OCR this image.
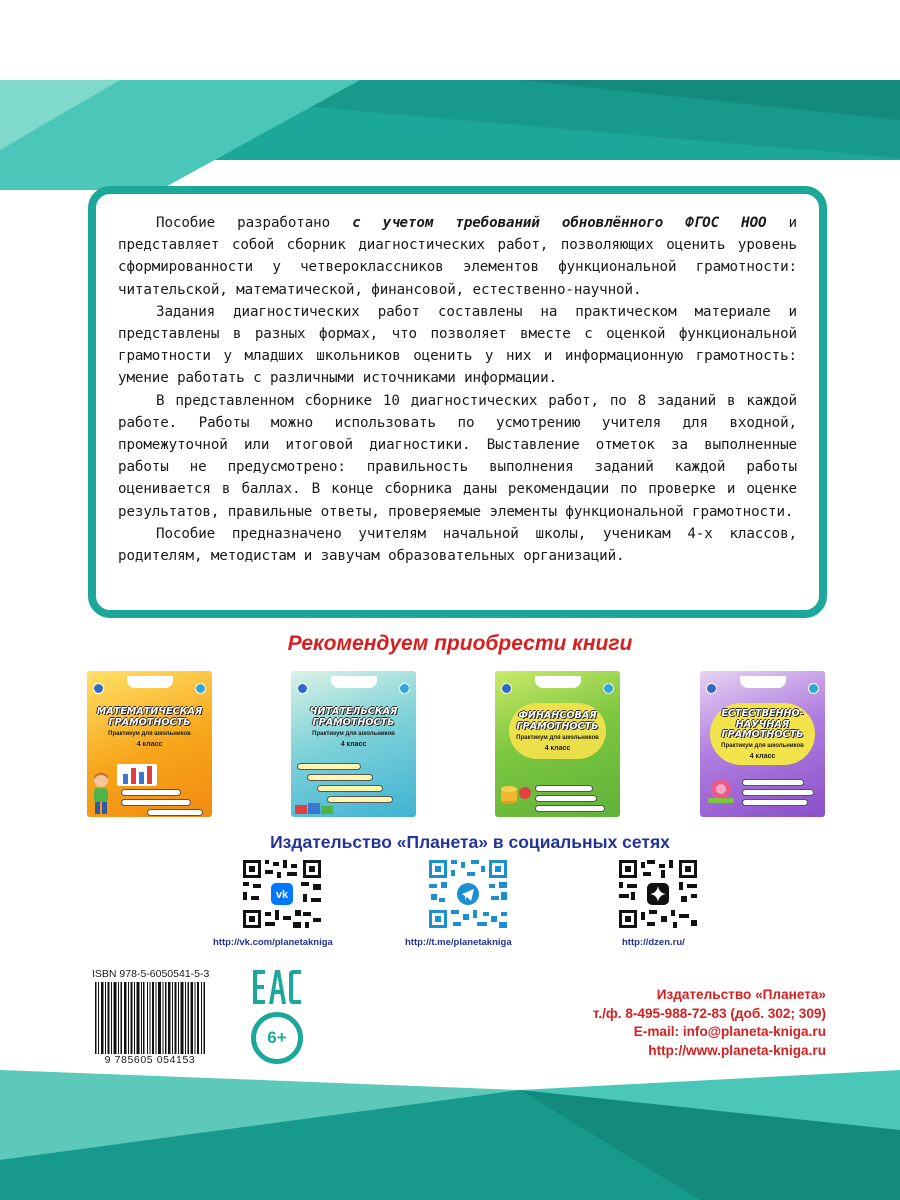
Пособие разработано с учетом требований обновлённого ФГОС НОО и представляет собой сборник диагностических работ, позволяющих оценить уровень сформированности у четвероклассников элементов функциональной грамотности: читательской, математической, финансовой, естественно-научной.

Задания диагностических работ составлены на практическом материале и представлены в разных формах, что позволяет вместе с оценкой функциональной грамотности у младших школьников оценить у них и информационную грамотность: умение работать с различными источниками информации.

В представленном сборнике 10 диагностических работ, по 8 заданий в каждой работе. Работы можно использовать по усмотрению учителя для входной, промежуточной или итоговой диагностики. Выставление отметок за выполненные работы не предусмотрено: правильность выполнения заданий каждой работы оценивается в баллах. В конце сборника даны рекомендации по проверке и оценке результатов, правильные ответы, проверяемые элементы функциональной грамотности.

Пособие предназначено учителям начальной школы, ученикам 4-х классов, родителям, методистам и завучам образовательных организаций.

Рекомендуем приобрести книги
МАТЕМАТИЧЕСКАЯ ГРАМОТНОСТЬ
Практикум для школьников
4 класс
ЧИТАТЕЛЬСКАЯ ГРАМОТНОСТЬ
Практикум для школьников
4 класс
ФИНАНСОВАЯ ГРАМОТНОСТЬ
Практикум для школьников
4 класс
ЕСТЕСТВЕННО-НАУЧНАЯ ГРАМОТНОСТЬ
Практикум для школьников
4 класс
Издательство «Планета» в социальных сетях
vk
http://vk.com/planetakniga	http://t.me/planetakniga	http://dzen.ru/
ISBN 978-5-6050541-5-3
9 785605 054153
6+
Издательство «Планета»
т./ф. 8-495-988-72-83 (доб. 302; 309)
E-mail: info@planeta-kniga.ru
http://www.planeta-kniga.ru
